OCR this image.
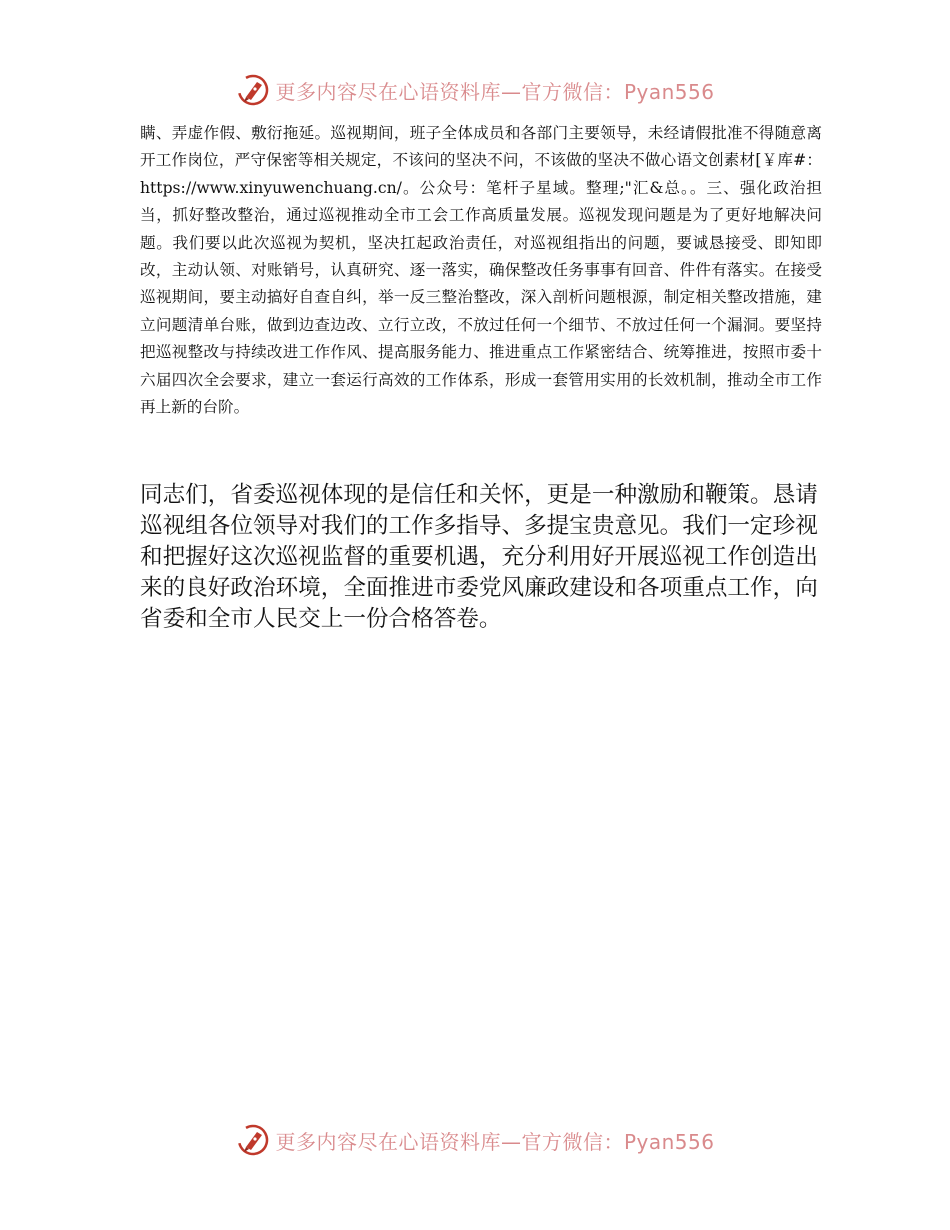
更多内容尽在心语资料库—官方微信：Pyan556

瞒、弄虚作假、敷衍拖延。巡视期间，班子全体成员和各部门主要领导，未经请假批准不得随意离开工作岗位，严守保密等相关规定，不该问的坚决不问，不该做的坚决不做心语文创素材[￥库#：https://www.xinyuwenchuang.cn/。公众号：笔杆子星域。整理;"汇&总。。三、强化政治担当，抓好整改整治，通过巡视推动全市工会工作高质量发展。巡视发现问题是为了更好地解决问题。我们要以此次巡视为契机，坚决扛起政治责任，对巡视组指出的问题，要诚恳接受、即知即改，主动认领、对账销号，认真研究、逐一落实，确保整改任务事事有回音、件件有落实。在接受巡视期间，要主动搞好自查自纠，举一反三整治整改，深入剖析问题根源，制定相关整改措施，建立问题清单台账，做到边查边改、立行立改，不放过任何一个细节、不放过任何一个漏洞。要坚持把巡视整改与持续改进工作作风、提高服务能力、推进重点工作紧密结合、统筹推进，按照市委十六届四次全会要求，建立一套运行高效的工作体系，形成一套管用实用的长效机制，推动全市工作再上新的台阶。

同志们，省委巡视体现的是信任和关怀，更是一种激励和鞭策。恳请巡视组各位领导对我们的工作多指导、多提宝贵意见。我们一定珍视和把握好这次巡视监督的重要机遇，充分利用好开展巡视工作创造出来的良好政治环境，全面推进市委党风廉政建设和各项重点工作，向省委和全市人民交上一份合格答卷。

更多内容尽在心语资料库—官方微信：Pyan556
